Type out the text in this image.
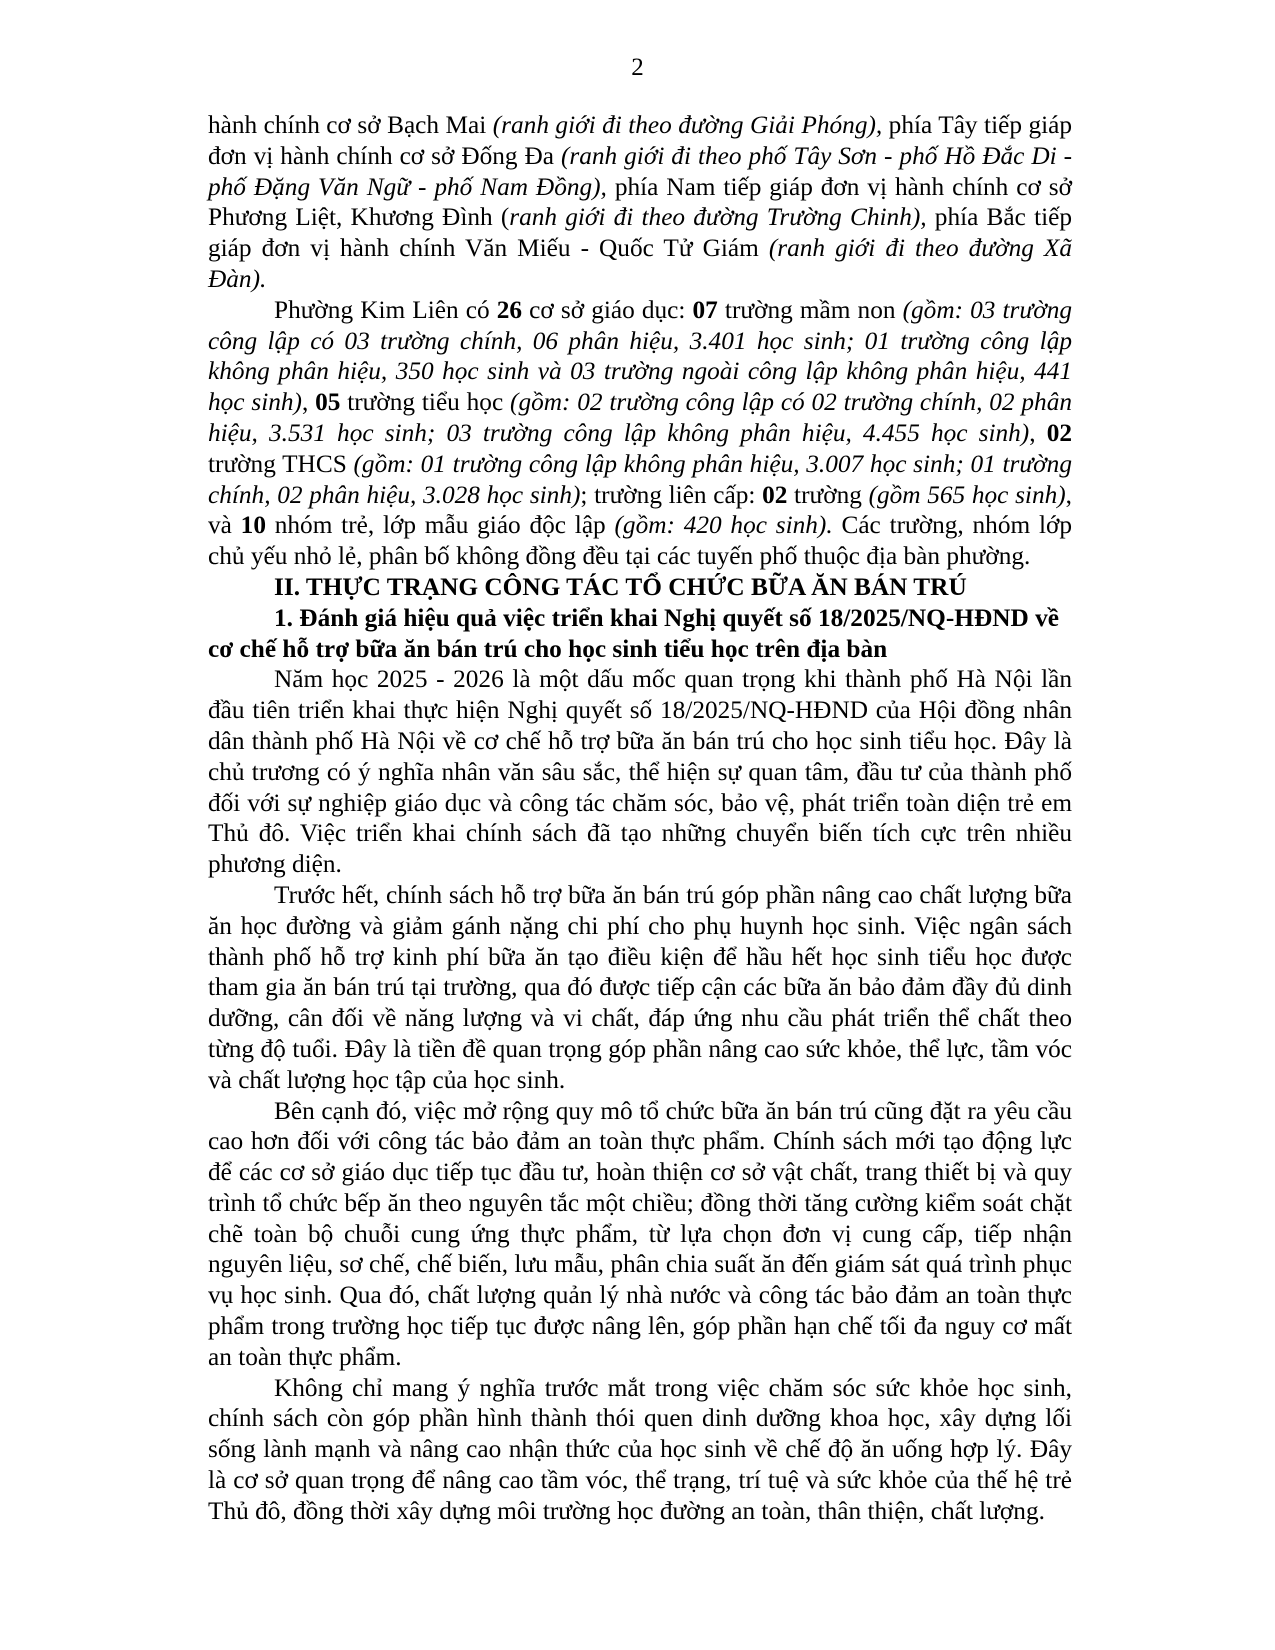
2

hành chính cơ sở Bạch Mai (ranh giới đi theo đường Giải Phóng), phía Tây tiếp giáp đơn vị hành chính cơ sở Đống Đa (ranh giới đi theo phố Tây Sơn - phố Hồ Đắc Di - phố Đặng Văn Ngữ - phố Nam Đồng), phía Nam tiếp giáp đơn vị hành chính cơ sở Phương Liệt, Khương Đình (ranh giới đi theo đường Trường Chinh), phía Bắc tiếp giáp đơn vị hành chính Văn Miếu - Quốc Tử Giám (ranh giới đi theo đường Xã Đàn).

Phường Kim Liên có 26 cơ sở giáo dục: 07 trường mầm non (gồm: 03 trường công lập có 03 trường chính, 06 phân hiệu, 3.401 học sinh; 01 trường công lập không phân hiệu, 350 học sinh và 03 trường ngoài công lập không phân hiệu, 441 học sinh), 05 trường tiểu học (gồm: 02 trường công lập có 02 trường chính, 02 phân hiệu, 3.531 học sinh; 03 trường công lập không phân hiệu, 4.455 học sinh), 02 trường THCS (gồm: 01 trường công lập không phân hiệu, 3.007 học sinh; 01 trường chính, 02 phân hiệu, 3.028 học sinh); trường liên cấp: 02 trường (gồm 565 học sinh), và 10 nhóm trẻ, lớp mẫu giáo độc lập (gồm: 420 học sinh). Các trường, nhóm lớp chủ yếu nhỏ lẻ, phân bố không đồng đều tại các tuyến phố thuộc địa bàn phường.

II. THỰC TRẠNG CÔNG TÁC TỔ CHỨC BỮA ĂN BÁN TRÚ

1. Đánh giá hiệu quả việc triển khai Nghị quyết số 18/2025/NQ-HĐND về

cơ chế hỗ trợ bữa ăn bán trú cho học sinh tiểu học trên địa bàn

Năm học 2025 - 2026 là một dấu mốc quan trọng khi thành phố Hà Nội lần đầu tiên triển khai thực hiện Nghị quyết số 18/2025/NQ-HĐND của Hội đồng nhân dân thành phố Hà Nội về cơ chế hỗ trợ bữa ăn bán trú cho học sinh tiểu học. Đây là chủ trương có ý nghĩa nhân văn sâu sắc, thể hiện sự quan tâm, đầu tư của thành phố đối với sự nghiệp giáo dục và công tác chăm sóc, bảo vệ, phát triển toàn diện trẻ em Thủ đô. Việc triển khai chính sách đã tạo những chuyển biến tích cực trên nhiều phương diện.

Trước hết, chính sách hỗ trợ bữa ăn bán trú góp phần nâng cao chất lượng bữa ăn học đường và giảm gánh nặng chi phí cho phụ huynh học sinh. Việc ngân sách thành phố hỗ trợ kinh phí bữa ăn tạo điều kiện để hầu hết học sinh tiểu học được tham gia ăn bán trú tại trường, qua đó được tiếp cận các bữa ăn bảo đảm đầy đủ dinh dưỡng, cân đối về năng lượng và vi chất, đáp ứng nhu cầu phát triển thể chất theo từng độ tuổi. Đây là tiền đề quan trọng góp phần nâng cao sức khỏe, thể lực, tầm vóc và chất lượng học tập của học sinh.

Bên cạnh đó, việc mở rộng quy mô tổ chức bữa ăn bán trú cũng đặt ra yêu cầu cao hơn đối với công tác bảo đảm an toàn thực phẩm. Chính sách mới tạo động lực để các cơ sở giáo dục tiếp tục đầu tư, hoàn thiện cơ sở vật chất, trang thiết bị và quy trình tổ chức bếp ăn theo nguyên tắc một chiều; đồng thời tăng cường kiểm soát chặt chẽ toàn bộ chuỗi cung ứng thực phẩm, từ lựa chọn đơn vị cung cấp, tiếp nhận nguyên liệu, sơ chế, chế biến, lưu mẫu, phân chia suất ăn đến giám sát quá trình phục vụ học sinh. Qua đó, chất lượng quản lý nhà nước và công tác bảo đảm an toàn thực phẩm trong trường học tiếp tục được nâng lên, góp phần hạn chế tối đa nguy cơ mất an toàn thực phẩm.

Không chỉ mang ý nghĩa trước mắt trong việc chăm sóc sức khỏe học sinh, chính sách còn góp phần hình thành thói quen dinh dưỡng khoa học, xây dựng lối sống lành mạnh và nâng cao nhận thức của học sinh về chế độ ăn uống hợp lý. Đây là cơ sở quan trọng để nâng cao tầm vóc, thể trạng, trí tuệ và sức khỏe của thế hệ trẻ Thủ đô, đồng thời xây dựng môi trường học đường an toàn, thân thiện, chất lượng.
